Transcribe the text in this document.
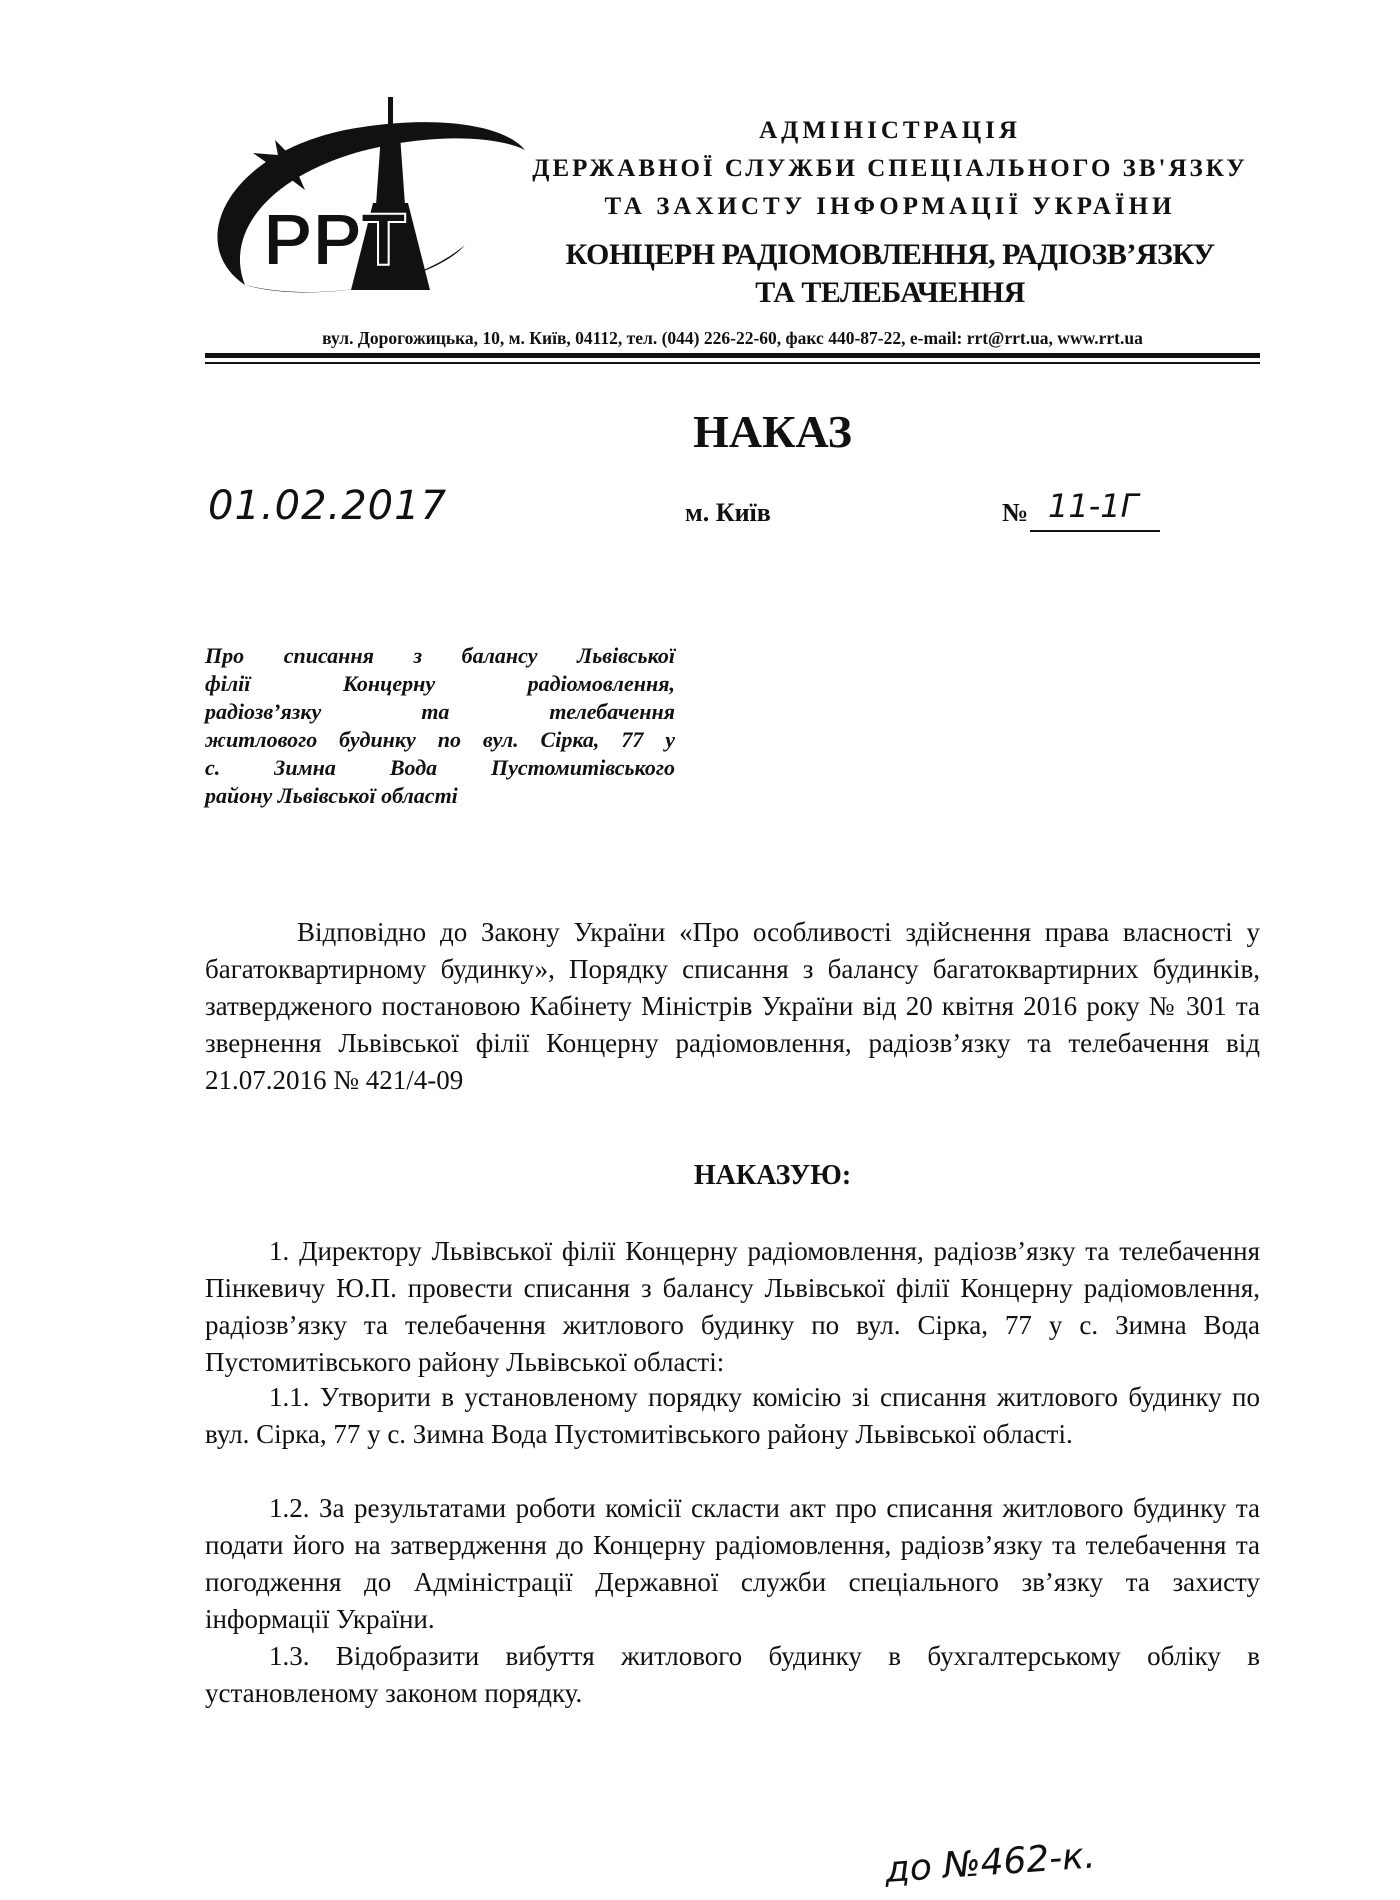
РРТ
АДМІНІСТРАЦІЯ
ДЕРЖАВНОЇ СЛУЖБИ СПЕЦІАЛЬНОГО ЗВ'ЯЗКУ
ТА ЗАХИСТУ ІНФОРМАЦІЇ УКРАЇНИ
КОНЦЕРН РАДІОМОВЛЕННЯ, РАДІОЗВ’ЯЗКУ
ТА ТЕЛЕБАЧЕННЯ
вул. Дорогожицька, 10, м. Київ, 04112, тел. (044) 226-22-60, факс 440-87-22, e-mail: rrt@rrt.ua, www.rrt.ua
НАКАЗ
01.02.2017	м. Київ	№ 11-1Г
Про списання з балансу Львівської
філії Концерну радіомовлення,
радіозв’язку та телебачення
житлового будинку по вул. Сірка, 77 у
с. Зимна Вода Пустомитівського
району Львівської області
Відповідно до Закону України «Про особливості здійснення права власності у багатоквартирному будинку», Порядку списання з балансу багатоквартирних будинків, затвердженого постановою Кабінету Міністрів України від 20 квітня 2016 року № 301 та звернення Львівської філії Концерну радіомовлення, радіозв’язку та телебачення від 21.07.2016 № 421/4-09
НАКАЗУЮ:
1. Директору Львівської філії Концерну радіомовлення, радіозв’язку та телебачення Пінкевичу Ю.П. провести списання з балансу Львівської філії Концерну радіомовлення, радіозв’язку та телебачення житлового будинку по вул. Сірка, 77 у с. Зимна Вода Пустомитівського району Львівської області:
1.1. Утворити в установленому порядку комісію зі списання житлового будинку по вул. Сірка, 77 у с. Зимна Вода Пустомитівського району Львівської області.
1.2. За результатами роботи комісії скласти акт про списання житлового будинку та подати його на затвердження до Концерну радіомовлення, радіозв’язку та телебачення та погодження до Адміністрації Державної служби спеціального зв’язку та захисту інформації України.
1.3. Відобразити вибуття житлового будинку в бухгалтерському обліку в установленому законом порядку.
до №462-к.
